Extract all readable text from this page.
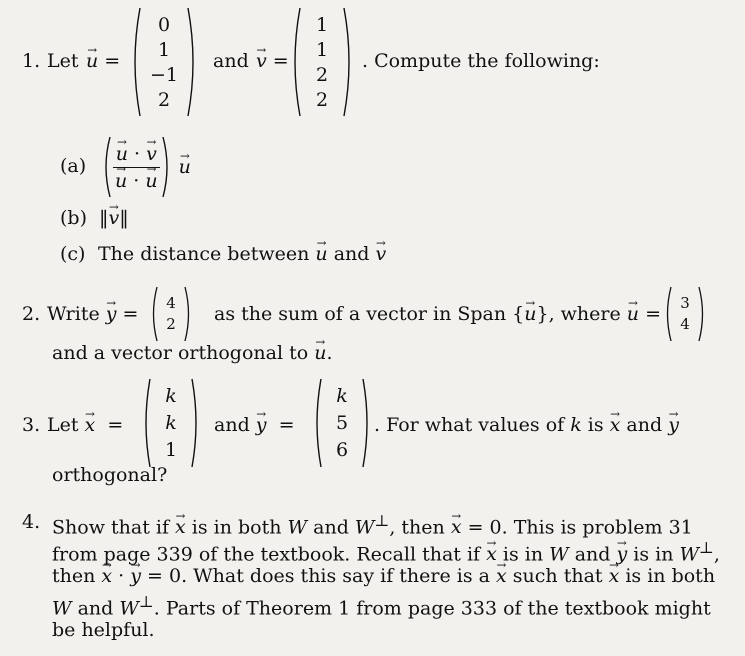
1. Let → u =
0
1
−1
2
and → v =
1
1
2
2
. Compute the following:
(a) → u · → v
→ u · → u → u
(b) ‖→ v‖
(c) The distance between → u and → v
2. Write → y = 4
2 as the sum of a vector in Span {→ u}, where → u = 3
4
and a vector orthogonal to → u.
3. Let → x =
k
k
1
and → y =
k
5
6
. For what values of k is → x and → y
orthogonal?
4. Show that if → x is in both W and W⊥, then → x = 0. This is problem 31
from page 339 of the textbook. Recall that if → x is in W and → y is in W⊥,
then → x · → y = 0. What does this say if there is a → x such that → x is in both
W and W⊥. Parts of Theorem 1 from page 333 of the textbook might
be helpful.
